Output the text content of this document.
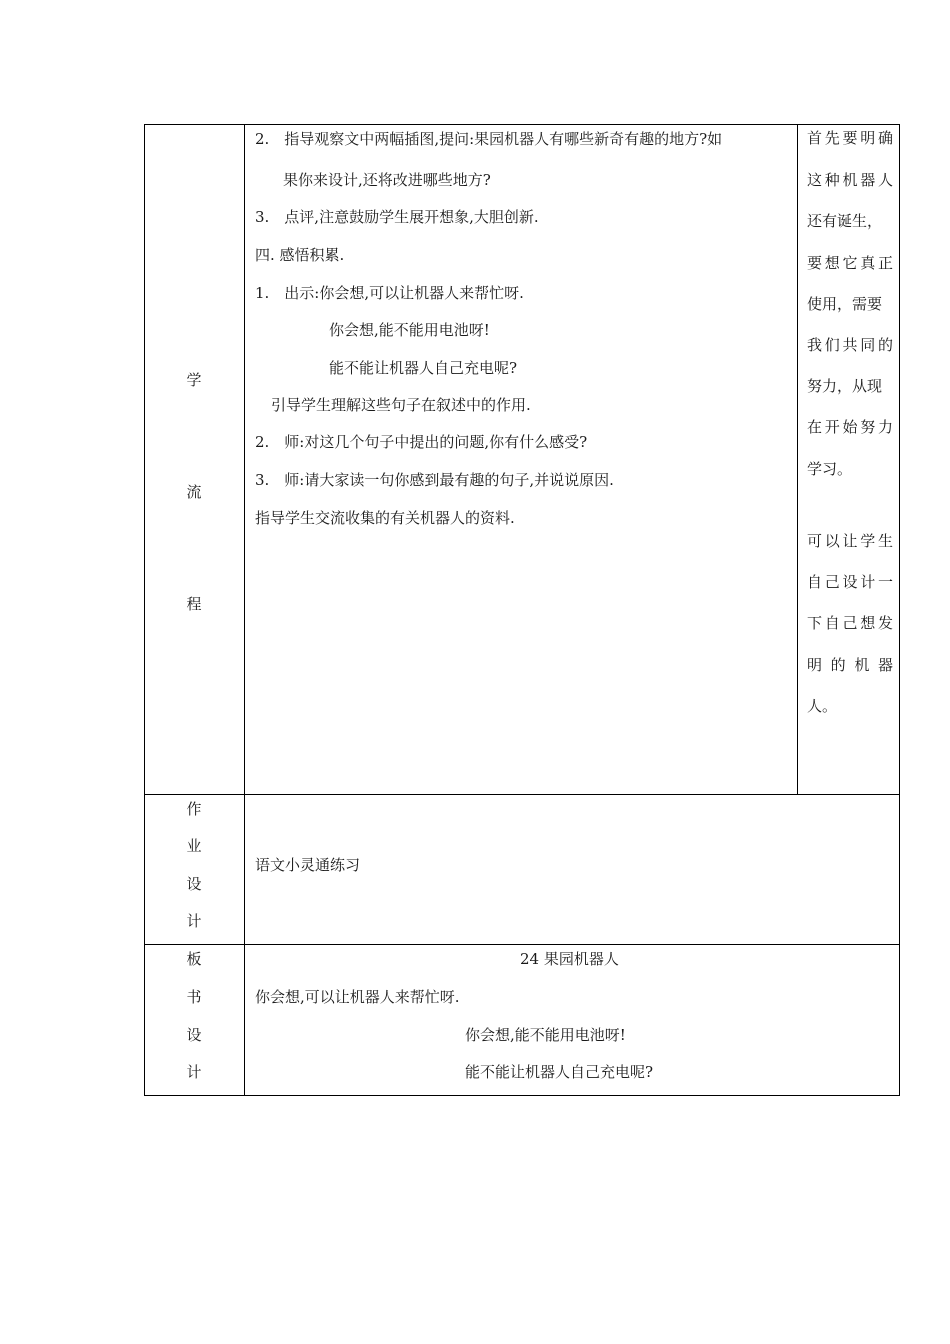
学
流
程
2.　指导观察文中两幅插图,提问:果园机器人有哪些新奇有趣的地方?如
果你来设计,还将改进哪些地方?
3.　点评,注意鼓励学生展开想象,大胆创新.
四. 感悟积累.
1.　出示:你会想,可以让机器人来帮忙呀.
你会想,能不能用电池呀!
能不能让机器人自己充电呢?
引导学生理解这些句子在叙述中的作用.
2.　师:对这几个句子中提出的问题,你有什么感受?
3.　师:请大家读一句你感到最有趣的句子,并说说原因.
指导学生交流收集的有关机器人的资料.
首先要明确
这种机器人
还有诞生，
要想它真正
使用，需要
我们共同的
努力，从现
在开始努力
学习。
可以让学生
自己设计一
下自己想发
明的机器
人。
作
业
设
计
语文小灵通练习
板
书
设
计
24 果园机器人
你会想,可以让机器人来帮忙呀.
你会想,能不能用电池呀!
能不能让机器人自己充电呢?
